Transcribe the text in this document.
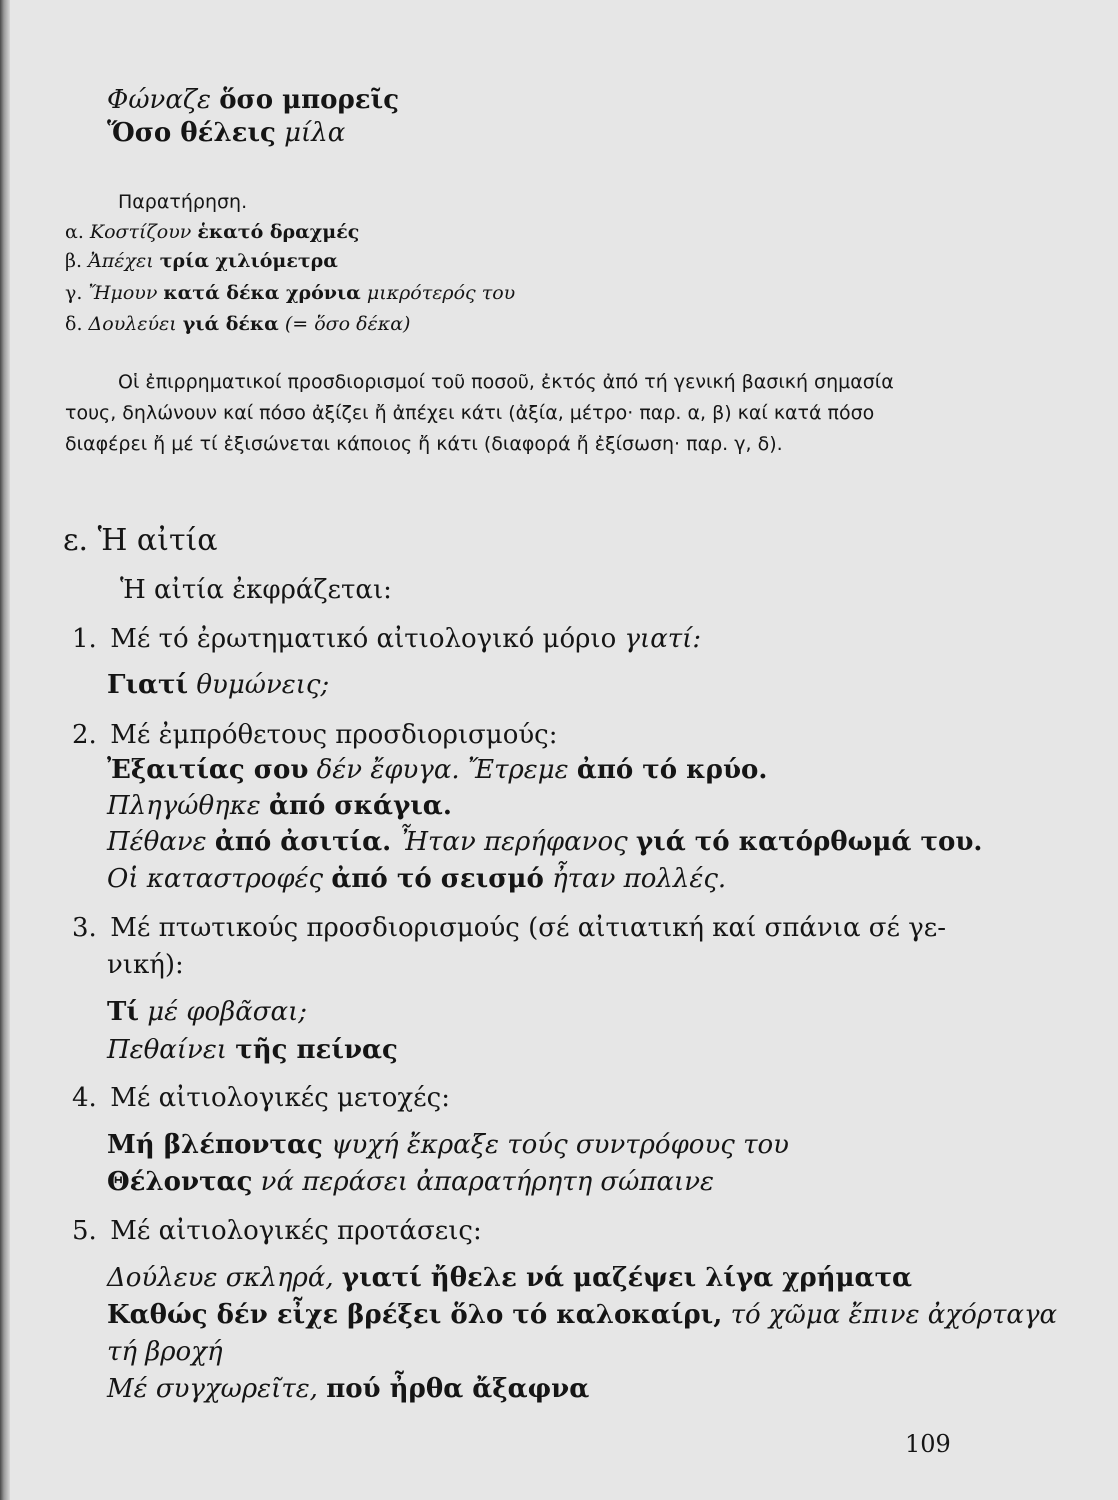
Φώναζε ὅσο μπορεῖς
Ὅσο θέλεις μίλα
Παρατήρηση.
α. Κοστίζουν ἑκατό δραχμές
β. Ἀπέχει τρία χιλιόμετρα
γ. Ἤμουν κατά δέκα χρόνια μικρότερός του
δ. Δουλεύει γιά δέκα (= ὅσο δέκα)
Οἱ ἐπιρρηματικοί προσδιορισμοί τοῦ ποσοῦ, ἐκτός ἀπό τή γενική βασική σημασία
τους, δηλώνουν καί πόσο ἀξίζει ἤ ἀπέχει κάτι (ἀξία, μέτρο· παρ. α, β) καί κατά πόσο
διαφέρει ἤ μέ τί ἐξισώνεται κάποιος ἤ κάτι (διαφορά ἤ ἐξίσωση· παρ. γ, δ).
ε. Ἡ αἰτία
Ἡ αἰτία ἐκφράζεται:
1. Μέ τό ἐρωτηματικό αἰτιολογικό μόριο γιατί:
Γιατί θυμώνεις;
2. Μέ ἐμπρόθετους προσδιορισμούς:
Ἐξαιτίας σου δέν ἔφυγα. Ἔτρεμε ἀπό τό κρύο.
Πληγώθηκε ἀπό σκάγια.
Πέθανε ἀπό ἀσιτία. Ἦταν περήφανος γιά τό κατόρθωμά του.
Οἱ καταστροφές ἀπό τό σεισμό ἦταν πολλές.
3. Μέ πτωτικούς προσδιορισμούς (σέ αἰτιατική καί σπάνια σέ γε-
νική):
Τί μέ φοβᾶσαι;
Πεθαίνει τῆς πείνας
4. Μέ αἰτιολογικές μετοχές:
Μή βλέποντας ψυχή ἔκραξε τούς συντρόφους του
Θέλοντας νά περάσει ἀπαρατήρητη σώπαινε
5. Μέ αἰτιολογικές προτάσεις:
Δούλευε σκληρά, γιατί ἤθελε νά μαζέψει λίγα χρήματα
Καθώς δέν εἶχε βρέξει ὅλο τό καλοκαίρι, τό χῶμα ἔπινε ἀχόρταγα
τή βροχή
Μέ συγχωρεῖτε, πού ἦρθα ἄξαφνα
109
